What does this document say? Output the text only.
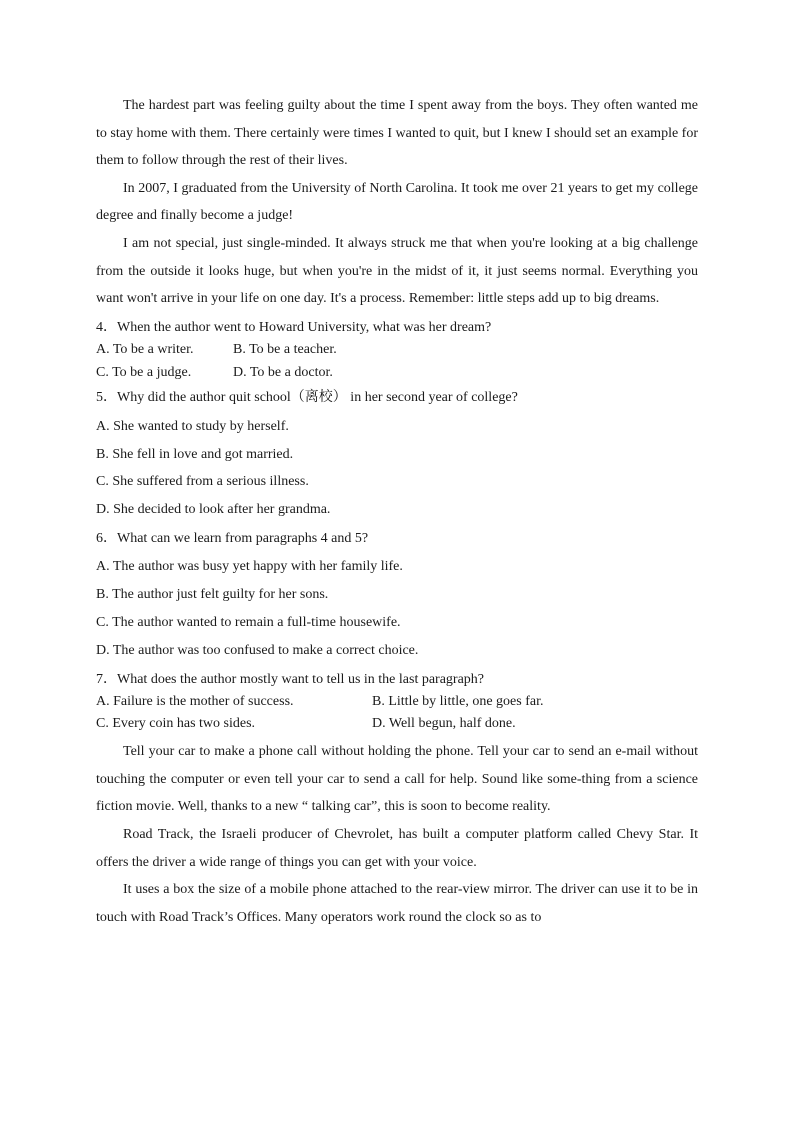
The hardest part was feeling guilty about the time I spent away from the boys. They often wanted me to stay home with them. There certainly were times I wanted to quit, but I knew I should set an example for them to follow through the rest of their lives.

In 2007, I graduated from the University of North Carolina. It took me over 21 years to get my college degree and finally become a judge!

I am not special, just single-minded. It always struck me that when you're looking at a big challenge from the outside it looks huge, but when you're in the midst of it, it just seems normal. Everything you want won't arrive in your life on one day. It's a process. Remember: little steps add up to big dreams.

4．When the author went to Howard University, what was her dream?

A. To be a writer.	B. To be a teacher.
C. To be a judge.	D. To be a doctor.

5．Why did the author quit school（离校） in her second year of college?

A. She wanted to study by herself.

B. She fell in love and got married.

C. She suffered from a serious illness.

D. She decided to look after her grandma.

6．What can we learn from paragraphs 4 and 5?

A. The author was busy yet happy with her family life.

B. The author just felt guilty for her sons.

C. The author wanted to remain a full-time housewife.

D. The author was too confused to make a correct choice.

7．What does the author mostly want to tell us in the last paragraph?

A. Failure is the mother of success.	B. Little by little, one goes far.
C. Every coin has two sides.	D. Well begun, half done.

Tell your car to make a phone call without holding the phone. Tell your car to send an e-mail without touching the computer or even tell your car to send a call for help. Sound like some-thing from a science fiction movie. Well, thanks to a new “ talking car”, this is soon to become reality.

Road Track, the Israeli producer of Chevrolet, has built a computer platform called Chevy Star. It offers the driver a wide range of things you can get with your voice.

It uses a box the size of a mobile phone attached to the rear-view mirror. The driver can use it to be in touch with Road Track’s Offices. Many operators work round the clock so as to
